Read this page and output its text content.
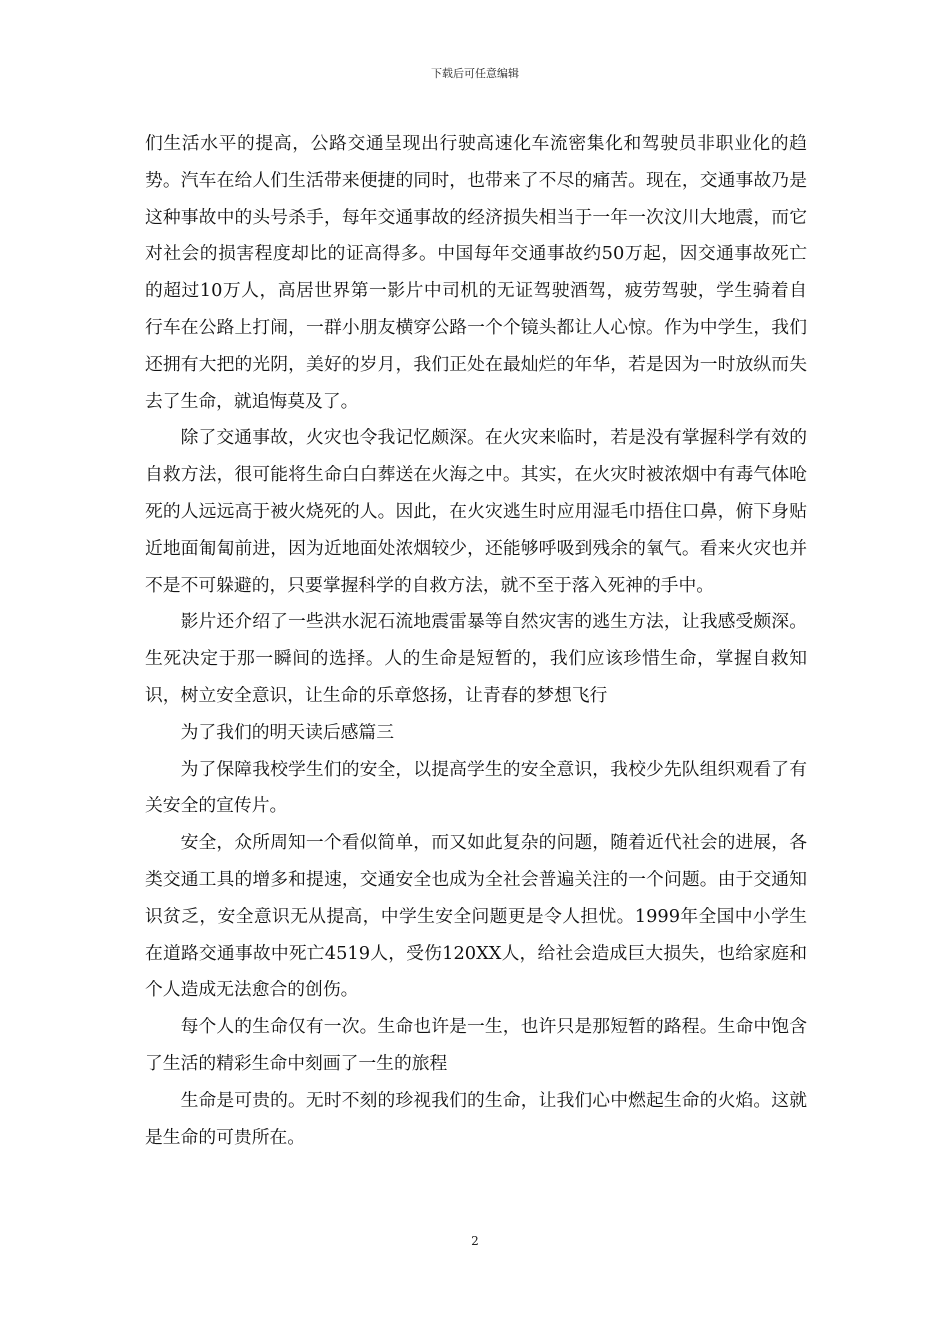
下载后可任意编辑

们生活水平的提高，公路交通呈现出行驶高速化车流密集化和驾驶员非职业化的趋势。汽车在给人们生活带来便捷的同时，也带来了不尽的痛苦。现在，交通事故乃是这种事故中的头号杀手，每年交通事故的经济损失相当于一年一次汶川大地震，而它对社会的损害程度却比的证高得多。中国每年交通事故约50万起，因交通事故死亡的超过10万人，高居世界第一影片中司机的无证驾驶酒驾，疲劳驾驶，学生骑着自行车在公路上打闹，一群小朋友横穿公路一个个镜头都让人心惊。作为中学生，我们还拥有大把的光阴，美好的岁月，我们正处在最灿烂的年华，若是因为一时放纵而失去了生命，就追悔莫及了。

除了交通事故，火灾也令我记忆颇深。在火灾来临时，若是没有掌握科学有效的自救方法，很可能将生命白白葬送在火海之中。其实，在火灾时被浓烟中有毒气体呛死的人远远高于被火烧死的人。因此，在火灾逃生时应用湿毛巾捂住口鼻，俯下身贴近地面匍匐前进，因为近地面处浓烟较少，还能够呼吸到残余的氧气。看来火灾也并不是不可躲避的，只要掌握科学的自救方法，就不至于落入死神的手中。

影片还介绍了一些洪水泥石流地震雷暴等自然灾害的逃生方法，让我感受颇深。生死决定于那一瞬间的选择。人的生命是短暂的，我们应该珍惜生命，掌握自救知识，树立安全意识，让生命的乐章悠扬，让青春的梦想飞行

为了我们的明天读后感篇三

为了保障我校学生们的安全，以提高学生的安全意识，我校少先队组织观看了有关安全的宣传片。

安全，众所周知一个看似简单，而又如此复杂的问题，随着近代社会的进展，各类交通工具的增多和提速，交通安全也成为全社会普遍关注的一个问题。由于交通知识贫乏，安全意识无从提高，中学生安全问题更是令人担忧。1999年全国中小学生在道路交通事故中死亡4519人，受伤120XX人，给社会造成巨大损失，也给家庭和个人造成无法愈合的创伤。

每个人的生命仅有一次。生命也许是一生，也许只是那短暂的路程。生命中饱含了生活的精彩生命中刻画了一生的旅程

生命是可贵的。无时不刻的珍视我们的生命，让我们心中燃起生命的火焰。这就是生命的可贵所在。

2
